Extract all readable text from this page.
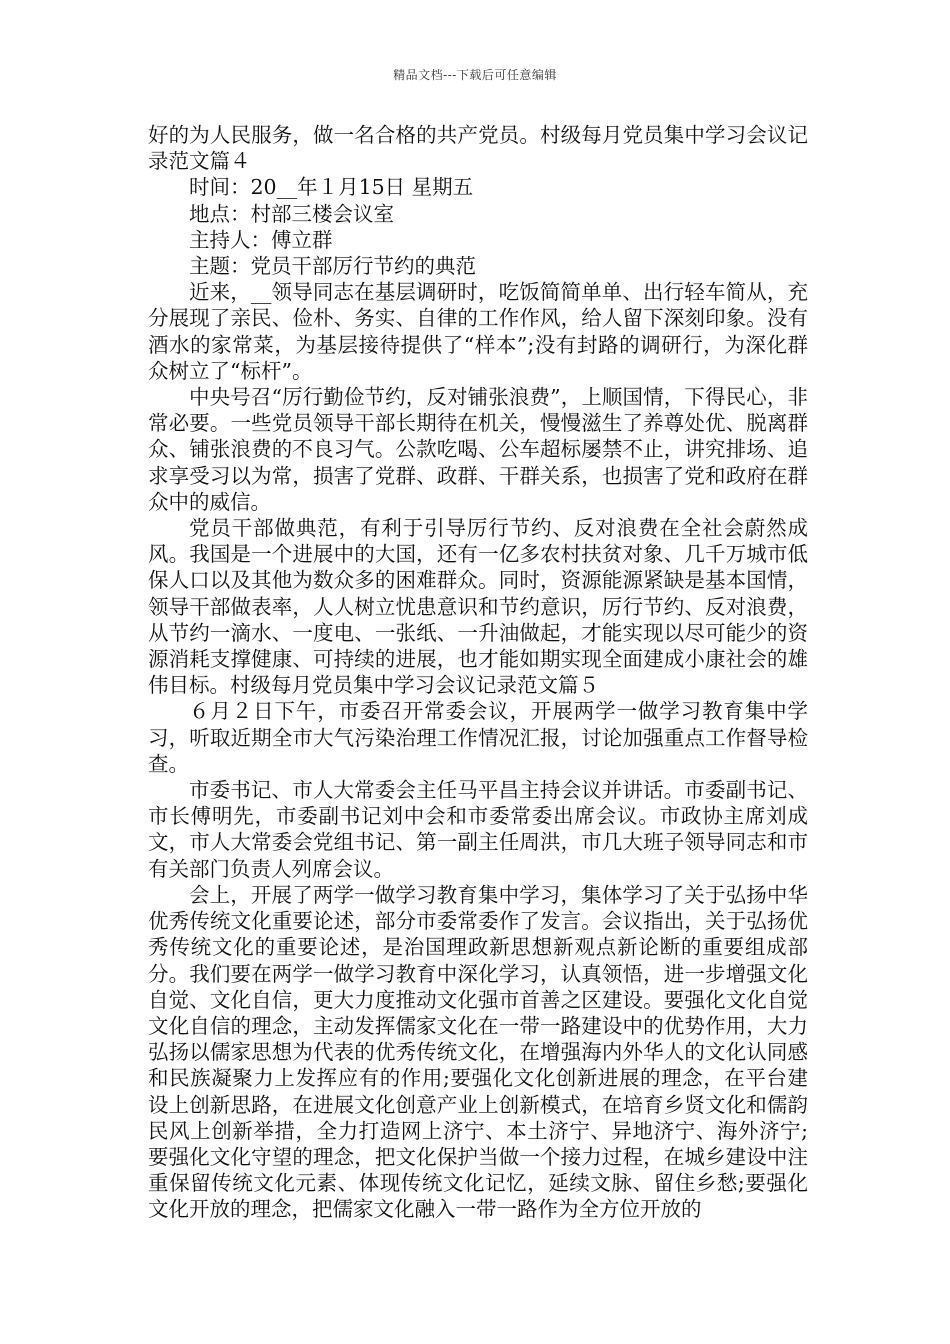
精品文档---下载后可任意编辑

好的为人民服务，做一名合格的共产党员。村级每月党员集中学习会议记录范文篇４

时间：20__年１月15日 星期五

地点：村部三楼会议室

主持人：傅立群

主题：党员干部厉行节约的典范

近来，__领导同志在基层调研时，吃饭简简单单、出行轻车简从，充分展现了亲民、俭朴、务实、自律的工作作风，给人留下深刻印象。没有酒水的家常菜，为基层接待提供了“样本”;没有封路的调研行，为深化群众树立了“标杆”。

中央号召“厉行勤俭节约，反对铺张浪费”，上顺国情，下得民心，非常必要。一些党员领导干部长期待在机关，慢慢滋生了养尊处优、脱离群众、铺张浪费的不良习气。公款吃喝、公车超标屡禁不止，讲究排场、追求享受习以为常，损害了党群、政群、干群关系，也损害了党和政府在群众中的威信。

党员干部做典范，有利于引导厉行节约、反对浪费在全社会蔚然成风。我国是一个进展中的大国，还有一亿多农村扶贫对象、几千万城市低保人口以及其他为数众多的困难群众。同时，资源能源紧缺是基本国情，领导干部做表率，人人树立忧患意识和节约意识，厉行节约、反对浪费，从节约一滴水、一度电、一张纸、一升油做起，才能实现以尽可能少的资源消耗支撑健康、可持续的进展，也才能如期实现全面建成小康社会的雄伟目标。村级每月党员集中学习会议记录范文篇５

６月２日下午，市委召开常委会议，开展两学一做学习教育集中学习，听取近期全市大气污染治理工作情况汇报，讨论加强重点工作督导检查。

市委书记、市人大常委会主任马平昌主持会议并讲话。市委副书记、市长傅明先，市委副书记刘中会和市委常委出席会议。市政协主席刘成文，市人大常委会党组书记、第一副主任周洪，市几大班子领导同志和市有关部门负责人列席会议。

会上，开展了两学一做学习教育集中学习，集体学习了关于弘扬中华优秀传统文化重要论述，部分市委常委作了发言。会议指出，关于弘扬优秀传统文化的重要论述，是治国理政新思想新观点新论断的重要组成部分。我们要在两学一做学习教育中深化学习，认真领悟，进一步增强文化自觉、文化自信，更大力度推动文化强市首善之区建设。要强化文化自觉文化自信的理念，主动发挥儒家文化在一带一路建设中的优势作用，大力弘扬以儒家思想为代表的优秀传统文化，在增强海内外华人的文化认同感和民族凝聚力上发挥应有的作用;要强化文化创新进展的理念，在平台建设上创新思路，在进展文化创意产业上创新模式，在培育乡贤文化和儒韵民风上创新举措，全力打造网上济宁、本土济宁、异地济宁、海外济宁;要强化文化守望的理念，把文化保护当做一个接力过程，在城乡建设中注重保留传统文化元素、体现传统文化记忆，延续文脉、留住乡愁;要强化文化开放的理念，把儒家文化融入一带一路作为全方位开放的
